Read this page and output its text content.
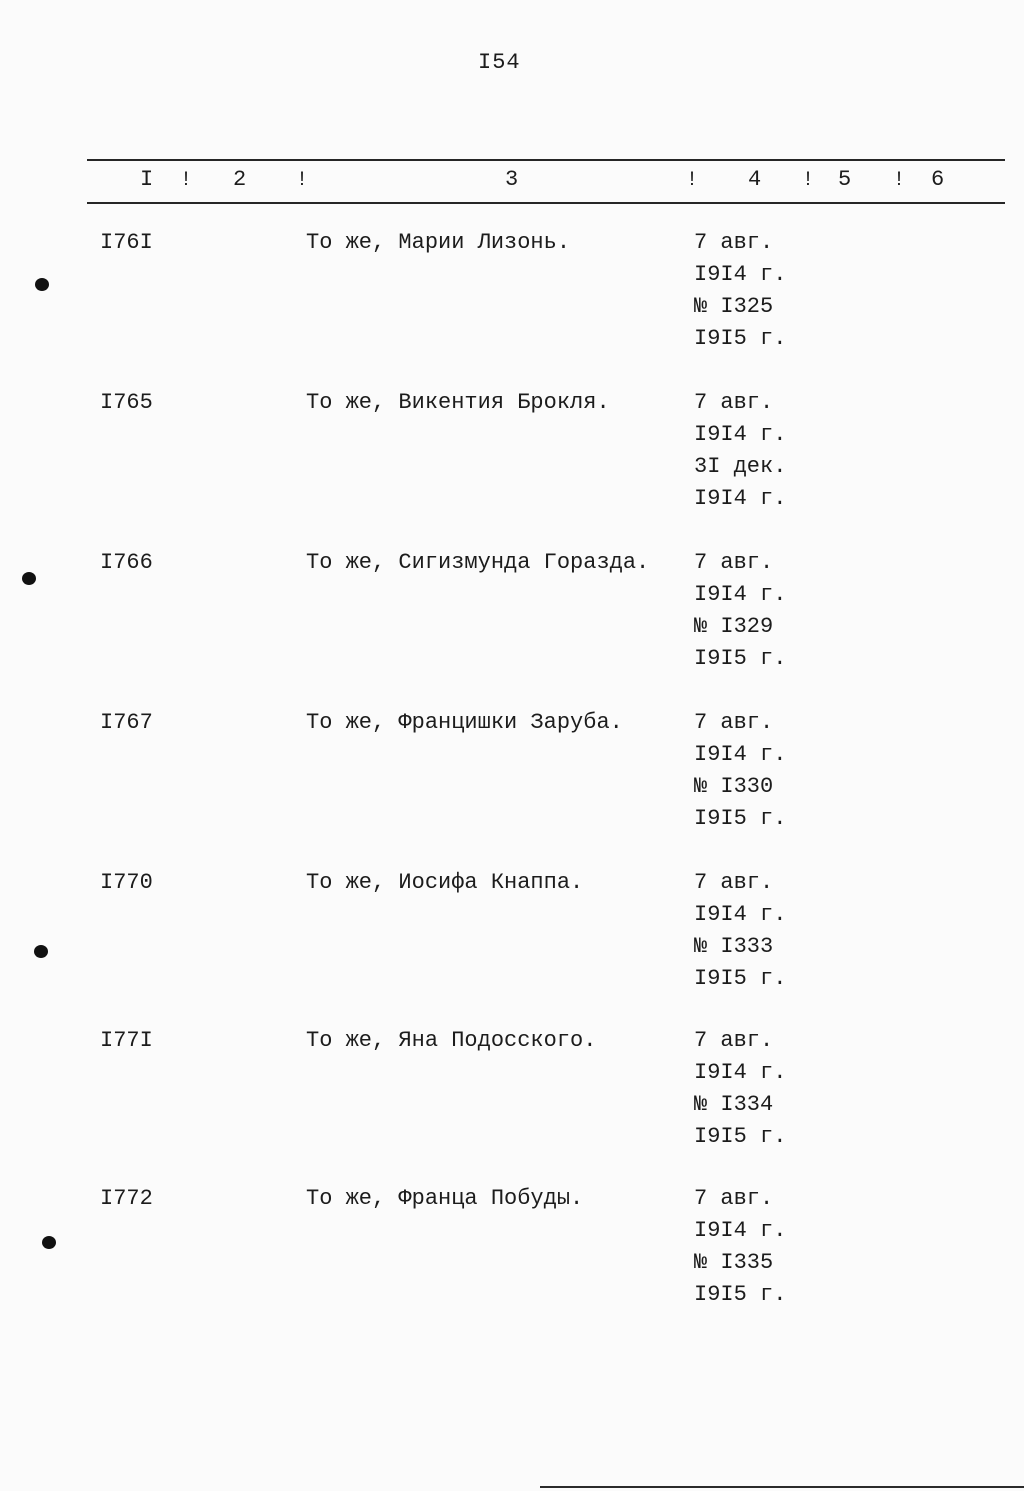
I54
I ! 2 !	3	! 4 ! 5 ! 6
I76I	То же, Марии Лизонь.	7 авг.
I9I4 г.
№ I325
I9I5 г.
I765	То же, Викентия Брокля.	7 авг.
I9I4 г.
3I дек.
I9I4 г.
I766	То же, Сигизмунда Горазда. 7 авг.
I9I4 г.
№ I329
I9I5 г.
I767	То же, Францишки Заруба.	7 авг.
I9I4 г.
№ I330
I9I5 г.
I770	То же, Иосифа Кнаппа.	7 авг.
I9I4 г.
№ I333
I9I5 г.
I77I	То же, Яна Подосского.	7 авг.
I9I4 г.
№ I334
I9I5 г.
I772	То же, Франца Побуды.	7 авг.
I9I4 г.
№ I335
I9I5 г.
